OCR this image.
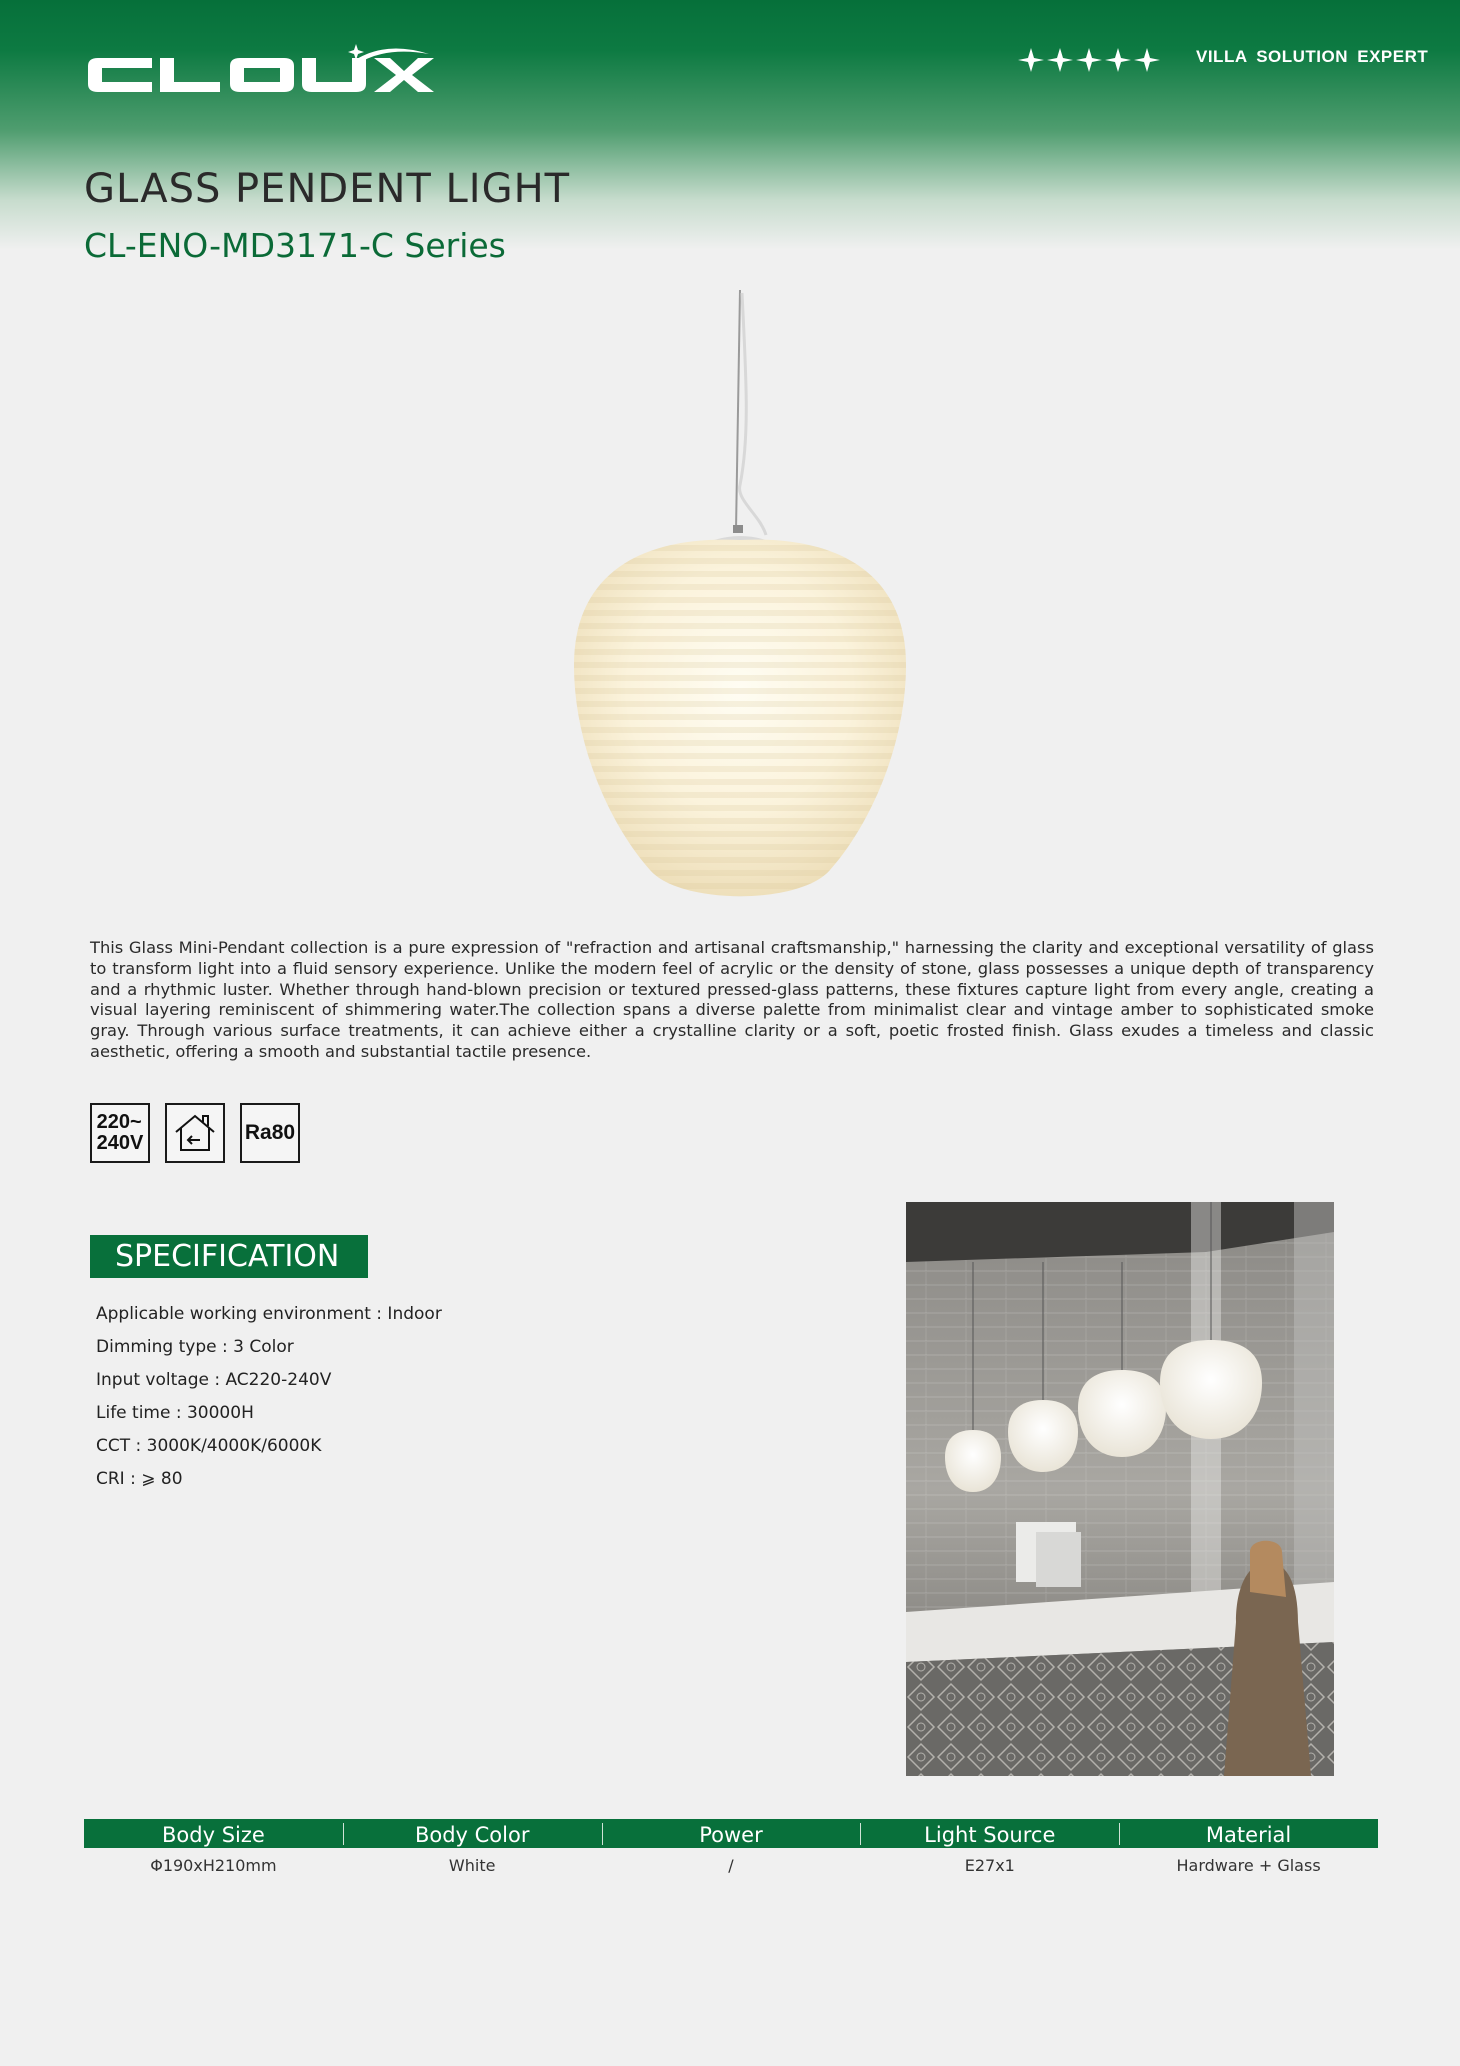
VILLA SOLUTION EXPERT
GLASS PENDENT LIGHT
CL-ENO-MD3171-C Series
This Glass Mini-Pendant collection is a pure expression of "refraction and artisanal craftsmanship," harnessing the clarity and exceptional versatility of glass to transform light into a fluid sensory experience. Unlike the modern feel of acrylic or the density of stone, glass possesses a unique depth of transparency and a rhythmic luster. Whether through hand-blown precision or textured pressed-glass patterns, these fixtures capture light from every angle, creating a visual layering reminiscent of shimmering water.The collection spans a diverse palette from minimalist clear and vintage amber to sophisticated smoke gray. Through various surface treatments, it can achieve either a crystalline clarity or a soft, poetic frosted finish. Glass exudes a timeless and classic aesthetic, offering a smooth and substantial tactile presence.
220~
240V	Ra80
SPECIFICATION
Applicable working environment : Indoor
Dimming type : 3 Color
Input voltage : AC220-240V
Life time : 30000H
CCT : 3000K/4000K/6000K
CRI : ⩾ 80
Body Size	Body Color	Power	Light Source	Material
Φ190xH210mm	White	/	E27x1	Hardware + Glass
